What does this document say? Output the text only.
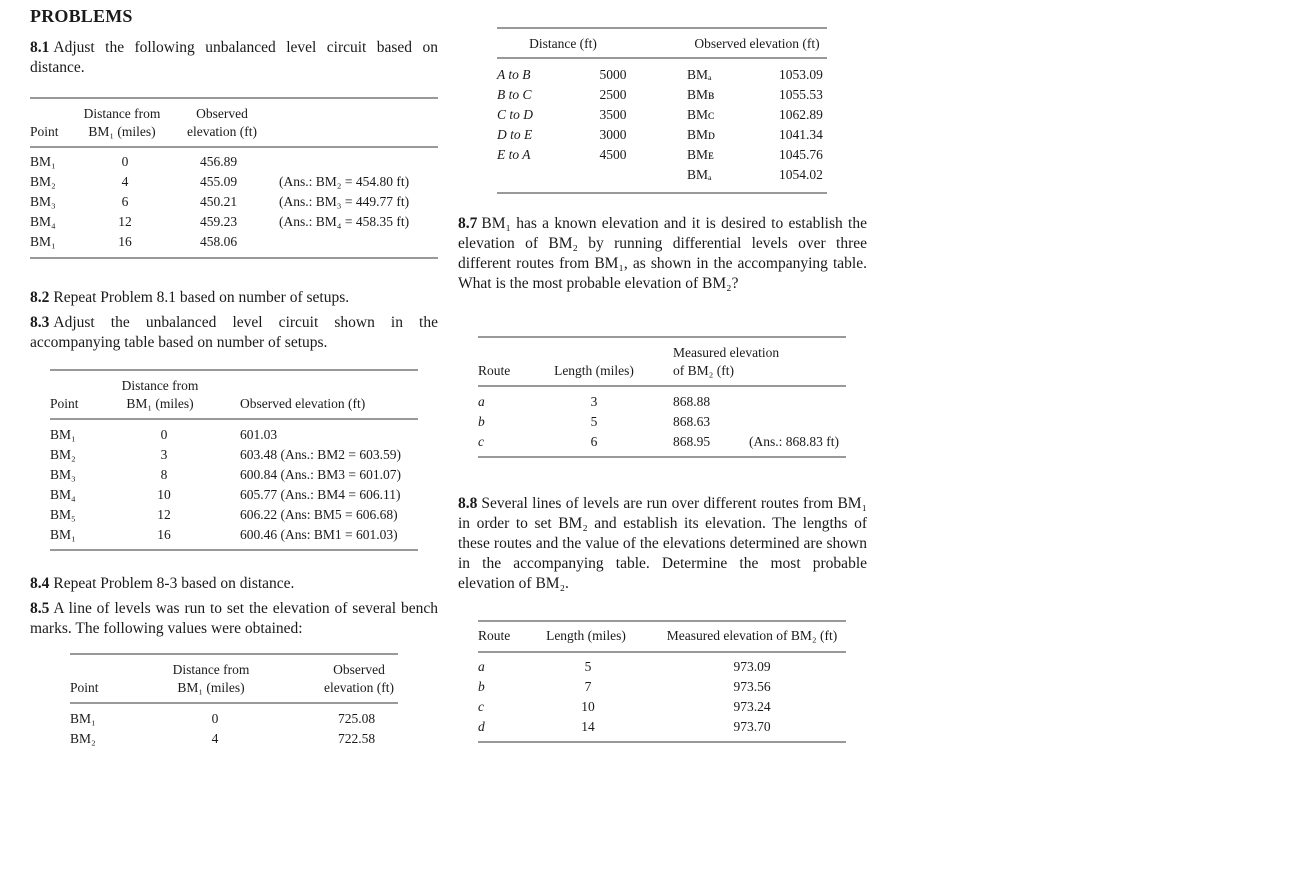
PROBLEMS
8.1 Adjust the following unbalanced level circuit based on distance.
Distance from
BM₁ (miles)
Observed
elevation (ft)
Point
BM₁	0	456.89
BM₂	4	455.09	(Ans.: BM₂ = 454.80 ft)
BM₃	6	450.21	(Ans.: BM₃ = 449.77 ft)
BM₄	12	459.23	(Ans.: BM₄ = 458.35 ft)
BM₁	16	458.06
8.2 Repeat Problem 8.1 based on number of setups.
8.3 Adjust the unbalanced level circuit shown in the accompanying table based on number of setups.
Distance from
BM₁ (miles)
Point	Observed elevation (ft)
BM₁	0	601.03
BM₂	3	603.48 (Ans.: BM2 = 603.59)
BM₃	8	600.84 (Ans.: BM3 = 601.07)
BM₄	10	605.77 (Ans.: BM4 = 606.11)
BM₅	12	606.22 (Ans: BM5 = 606.68)
BM₁	16	600.46 (Ans: BM1 = 601.03)
8.4 Repeat Problem 8-3 based on distance.
8.5 A line of levels was run to set the elevation of several bench marks. The following values were obtained:
Distance from
BM₁ (miles)
Observed
elevation (ft)
Point
BM₁	0	725.08
BM₂	4	722.58
Distance (ft)	Observed elevation (ft)
A to B	5000	BMₐ	1053.09
B to C	2500	BMʙ	1055.53
C to D	3500	BMᴄ	1062.89
D to E	3000	BMᴅ	1041.34
E to A	4500	BMᴇ	1045.76
BMₐ	1054.02
8.7 BM₁ has a known elevation and it is desired to establish the elevation of BM₂ by running differential levels over three different routes from BM₁, as shown in the accompanying table. What is the most probable elevation of BM₂?
Measured elevation
of BM₂ (ft)
Route	Length (miles)
a	3	868.88
b	5	868.63
c	6	868.95	(Ans.: 868.83 ft)
8.8 Several lines of levels are run over different routes from BM₁ in order to set BM₂ and establish its elevation. The lengths of these routes and the value of the elevations determined are shown in the accompanying table. Determine the most probable elevation of BM₂.
Route	Length (miles)	Measured elevation of BM₂ (ft)
a	5	973.09
b	7	973.56
c	10	973.24
d	14	973.70
